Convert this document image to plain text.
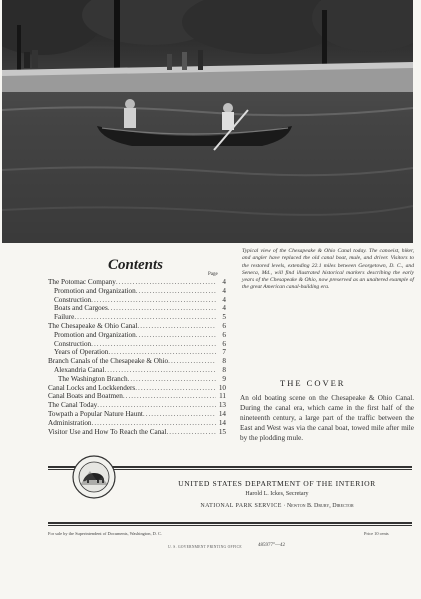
Typical view of the Chesapeake & Ohio Canal today. The canoeist, hiker, and angler have replaced the old canal boat, mule, and driver. Visitors to the restored levels, extending 22.1 miles between Georgetown, D. C., and Seneca, Md., will find illustrated historical markers describing the early years of the Chesapeake & Ohio, now preserved as an unaltered example of the great American canal-building era.
Contents
Page
The Potomac Company .....	4
Promotion and Organization .....	4
Construction .....	4
Boats and Cargoes .....	4
Failure .....	5
The Chesapeake & Ohio Canal .....	6
Promotion and Organization .....	6
Construction .....	6
Years of Operation .....	7
Branch Canals of the Chesapeake & Ohio .....	8
Alexandria Canal .....	8
The Washington Branch .....	9
Canal Locks and Lockkenders .....	10
Canal Boats and Boatmen .....	11
The Canal Today .....	13
Towpath a Popular Nature Haunt .....	14
Administration .....	14
Visitor Use and How To Reach the Canal .....	15
THE COVER
An old boating scene on the Chesapeake & Ohio Canal. During the canal era, which came in the first half of the nineteenth century, a large part of the traffic between the East and West was via the canal boat, towed mile after mile by the plodding mule.
UNITED STATES DEPARTMENT OF THE INTERIOR
Harold L. Ickes, Secretary
NATIONAL PARK SERVICE · Newton B. Drury, Director
For sale by the Superintendent of Documents, Washington, D. C.	Price 10 cents
U. S. GOVERNMENT PRINTING OFFICE	485977°—42
